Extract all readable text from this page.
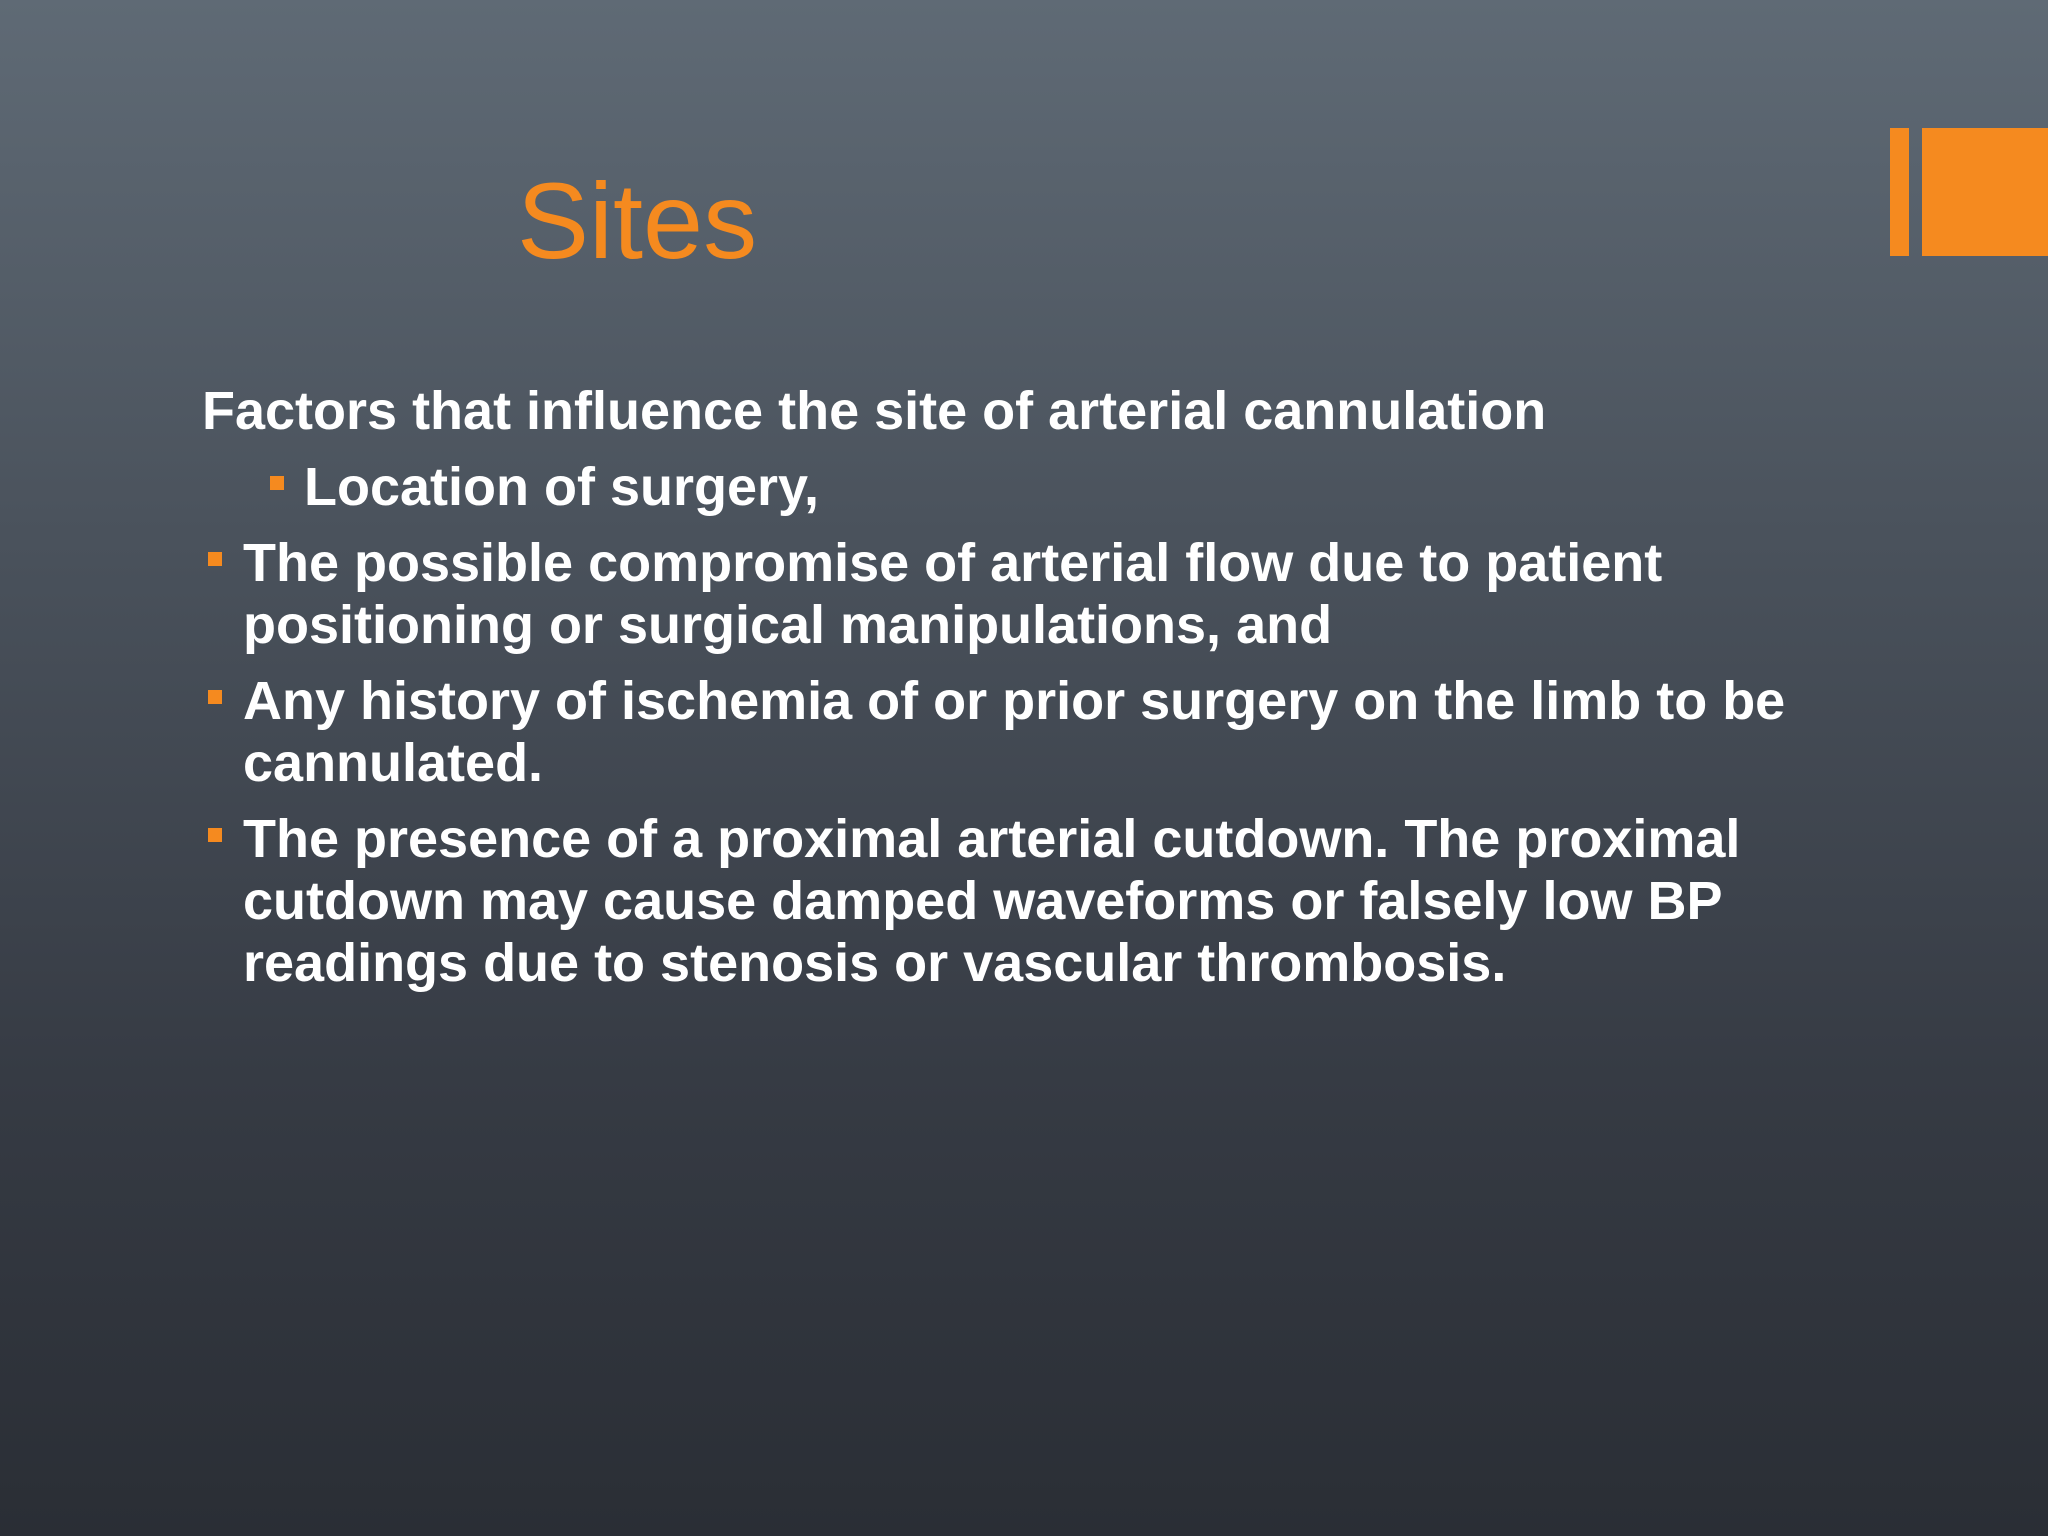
Sites
Factors that influence the site of arterial cannulation
Location of surgery,
The possible compromise of arterial flow due to patient positioning or surgical manipulations, and
Any history of ischemia of or prior surgery on the limb to be cannulated.
The presence of a proximal arterial cutdown. The proximal cutdown may cause damped waveforms or falsely low BP readings due to stenosis or vascular thrombosis.
